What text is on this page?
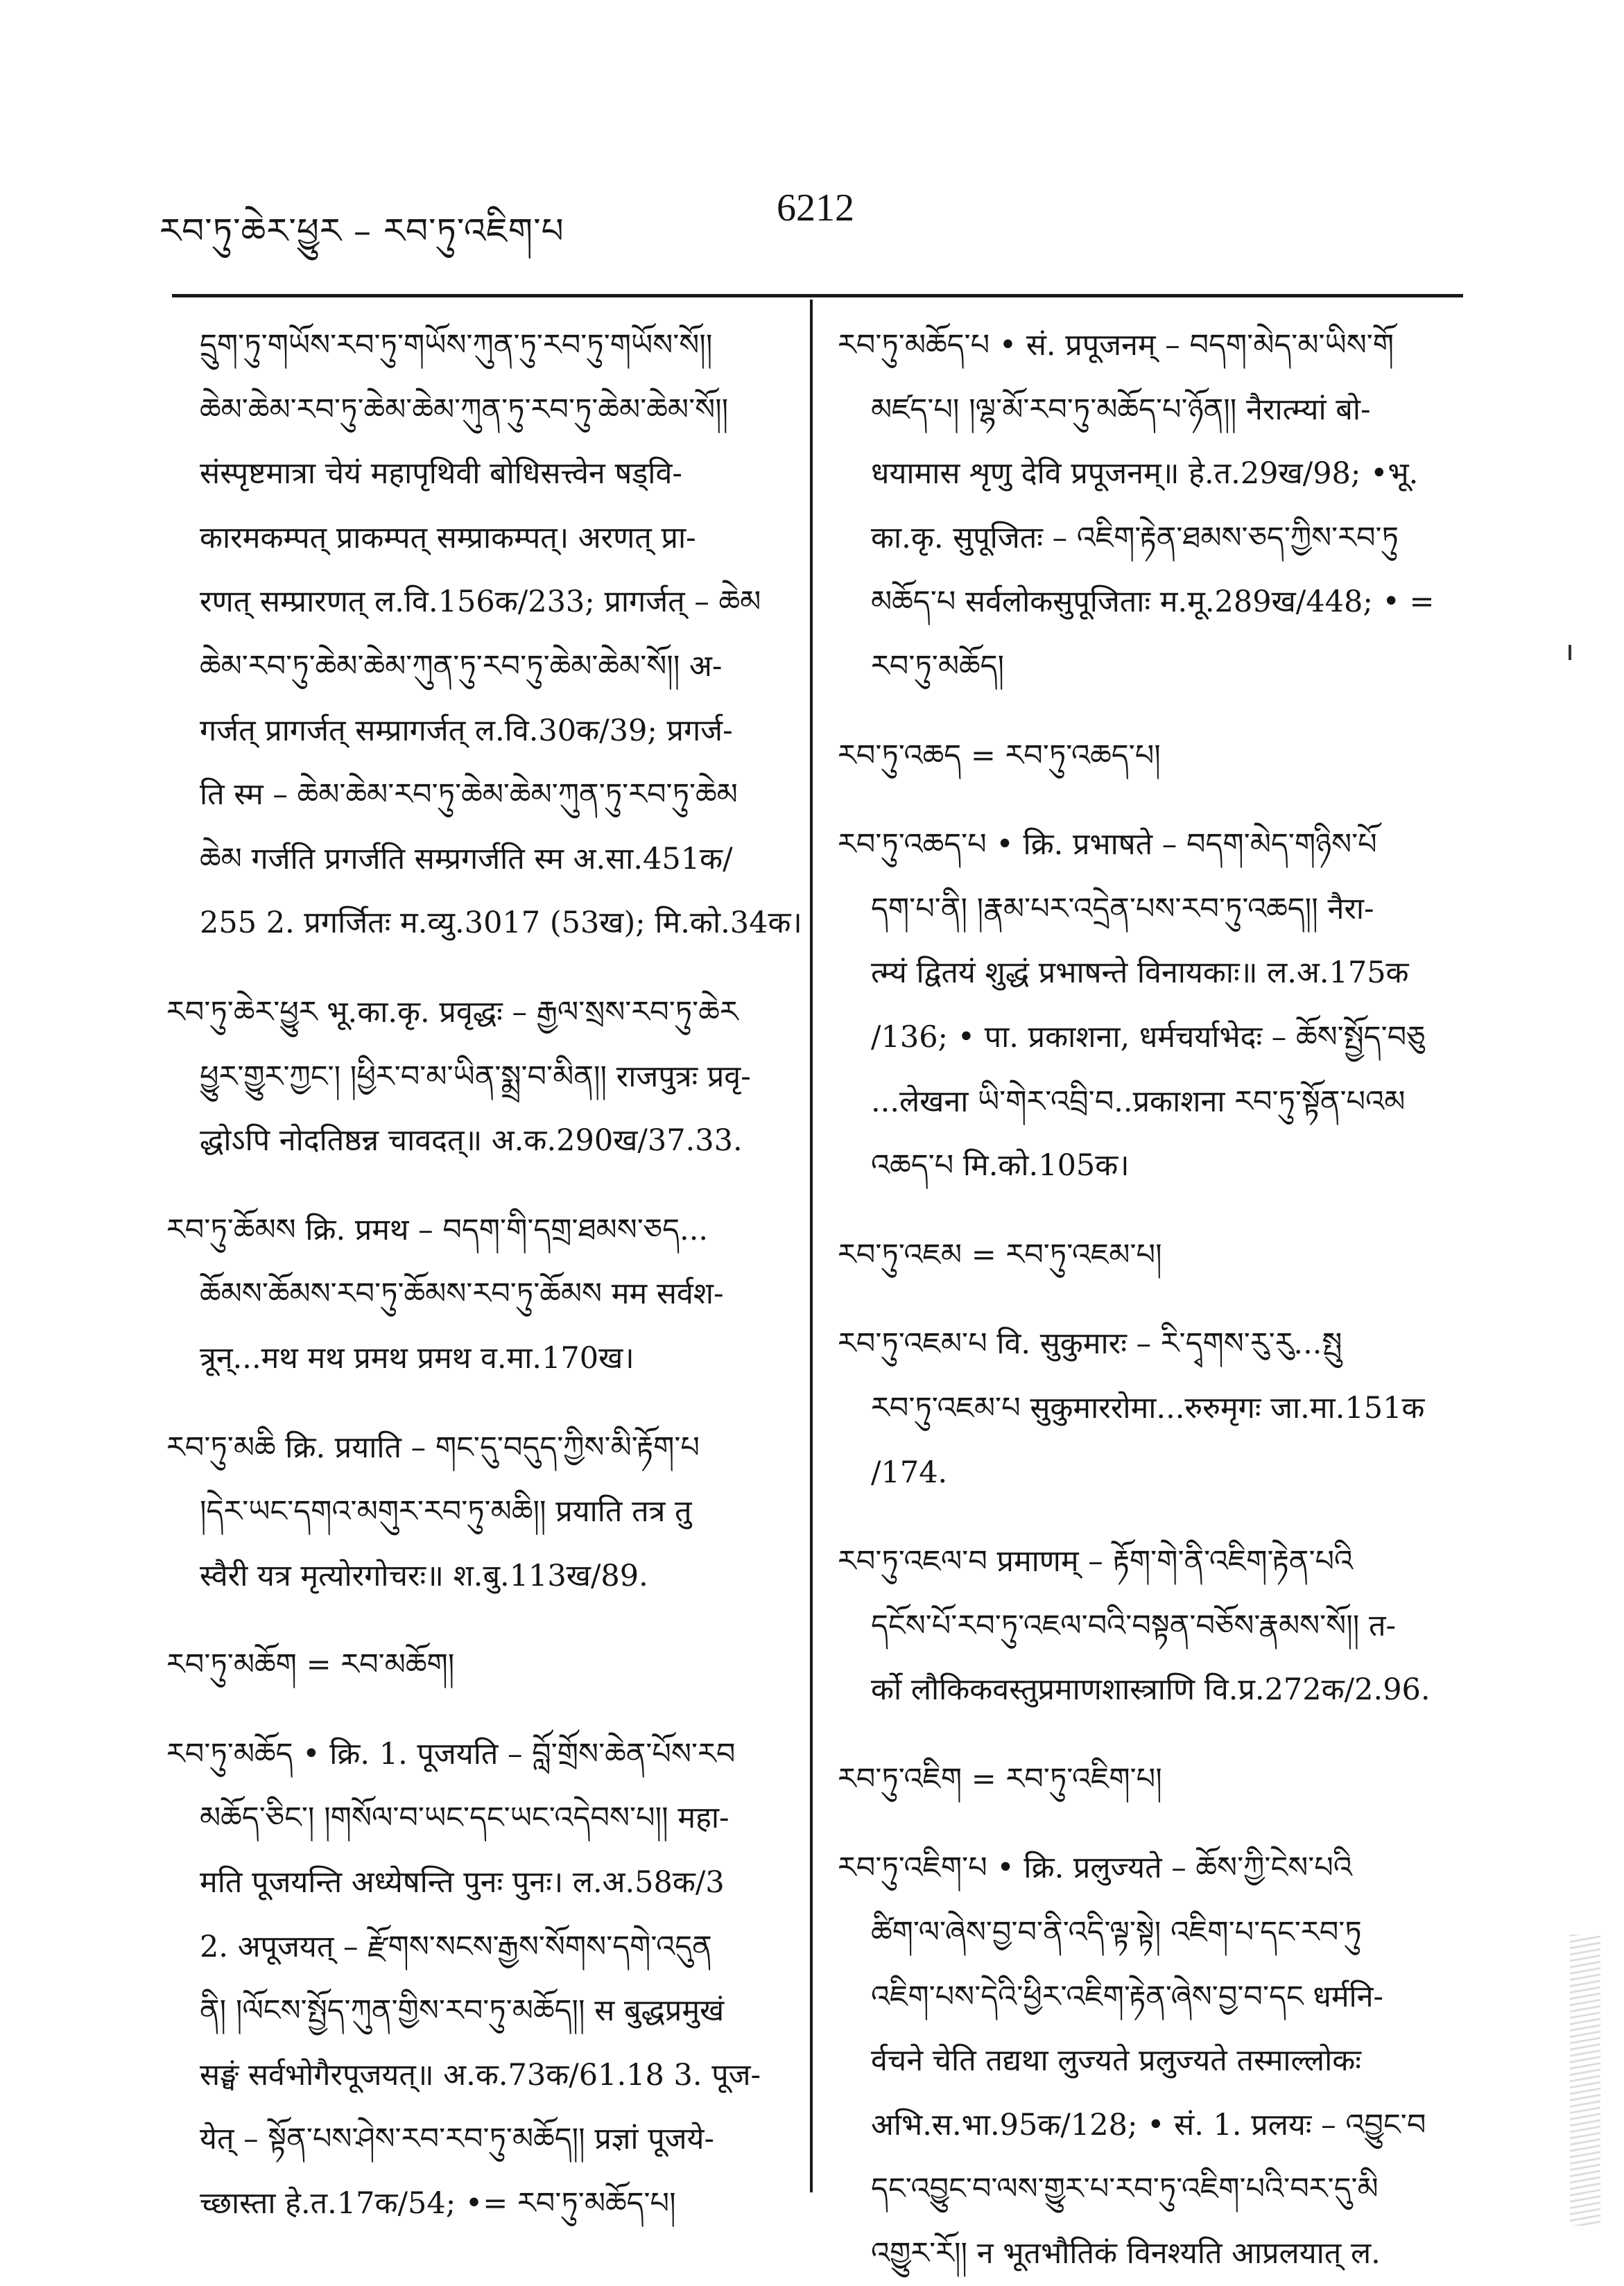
རབ་ཏུ་ཆེར་ཕྱུར – རབ་ཏུ་འཇིག་པ
6212
དྲུག་ཏུ་གཡོས་རབ་ཏུ་གཡོས་ཀུན་ཏུ་རབ་ཏུ་གཡོས་སོ།།
ཆེམ་ཆེམ་རབ་ཏུ་ཆེམ་ཆེམ་ཀུན་ཏུ་རབ་ཏུ་ཆེམ་ཆེམ་སོ།།
संस्पृष्टमात्रा चेयं महापृथिवी बोधिसत्त्वेन षड्वि-
कारमकम्पत् प्राकम्पत् सम्प्राकम्पत्। अरणत् प्रा-
रणत् सम्प्रारणत् ल.वि.156क/233; प्रागर्जत् – ཆེམ
ཆེམ་རབ་ཏུ་ཆེམ་ཆེམ་ཀུན་ཏུ་རབ་ཏུ་ཆེམ་ཆེམ་སོ།། अ-
गर्जत् प्रागर्जत् सम्प्रागर्जत् ल.वि.30क/39; प्रगर्ज-
ति स्म – ཆེམ་ཆེམ་རབ་ཏུ་ཆེམ་ཆེམ་ཀུན་ཏུ་རབ་ཏུ་ཆེམ
ཆེམ गर्जति प्रगर्जति सम्प्रगर्जति स्म अ.सा.451क/
255 2. प्रगर्जितः म.व्यु.3017 (53ख); मि.को.34क।
རབ་ཏུ་ཆེར་ཕྱུར भू.का.कृ. प्रवृद्धः – རྒྱལ་སྲས་རབ་ཏུ་ཆེར
ཕྱུར་གྱུར་ཀྱང་། །ཕྱིར་བ་མ་ཡིན་སྨྲ་བ་མིན།། राजपुत्रः प्रवृ-
द्धोऽपि नोदतिष्ठन्न चावदत्॥ अ.क.290ख/37.33.
རབ་ཏུ་ཆོམས क्रि. प्रमथ – བདག་གི་དགྲ་ཐམས་ཅད...
ཆོམས་ཆོམས་རབ་ཏུ་ཆོམས་རབ་ཏུ་ཆོམས मम सर्वश-
त्रून्...मथ मथ प्रमथ प्रमथ व.मा.170ख।
རབ་ཏུ་མཆི क्रि. प्रयाति – གང་དུ་བདུད་ཀྱིས་མི་རྟོག་པ
།དེར་ཡང་དགའ་མགུར་རབ་ཏུ་མཆི།། प्रयाति तत्र तु
स्वैरी यत्र मृत्योरगोचरः॥ श.बु.113ख/89.
རབ་ཏུ་མཆོག = རབ་མཆོག།
རབ་ཏུ་མཆོད • क्रि. 1. पूजयति – བློ་གྲོས་ཆེན་པོས་རབ
མཆོད་ཅིང་། །གསོལ་བ་ཡང་དང་ཡང་འདེབས་པ།། महा-
मति पूजयन्ति अध्येषन्ति पुनः पुनः। ल.अ.58क/3
2. अपूजयत् – རྫོགས་སངས་རྒྱས་སོགས་དགེ་འདུན
ནི། །ལོངས་སྤྱོད་ཀུན་གྱིས་རབ་ཏུ་མཆོད།། स बुद्धप्रमुखं
सङ्घं सर्वभोगैरपूजयत्॥ अ.क.73क/61.18 3. पूज-
येत् – སྟོན་པས་ཤེས་རབ་རབ་ཏུ་མཆོད།། प्रज्ञां पूजये-
च्छास्ता हे.त.17क/54; •= རབ་ཏུ་མཆོད་པ།
རབ་ཏུ་མཆོད་པ • सं. प्रपूजनम् – བདག་མེད་མ་ཡིས་གོ
མཛད་པ། །ལྷ་མོ་རབ་ཏུ་མཆོད་པ་ཉོན།། नैरात्म्यां बो-
धयामास शृणु देवि प्रपूजनम्॥ हे.त.29ख/98; •भू.
का.कृ. सुपूजितः – འཇིག་རྟེན་ཐམས་ཅད་ཀྱིས་རབ་ཏུ
མཆོད་པ सर्वलोकसुपूजिताः म.मू.289ख/448; • =
རབ་ཏུ་མཆོད།
རབ་ཏུ་འཆད = རབ་ཏུ་འཆད་པ།
རབ་ཏུ་འཆད་པ • क्रि. प्रभाषते – བདག་མེད་གཉིས་པོ
དག་པ་ནི། །རྣམ་པར་འདྲེན་པས་རབ་ཏུ་འཆད།། नैरा-
त्म्यं द्वितयं शुद्धं प्रभाषन्ते विनायकाः॥ ल.अ.175क
/136; • पा. प्रकाशना, धर्मचर्याभेदः – ཆོས་སྤྱོད་བཅུ
...लेखना ཡི་གེར་འབྲི་བ..प्रकाशना རབ་ཏུ་སྟོན་པའམ
འཆད་པ मि.को.105क।
རབ་ཏུ་འཇམ = རབ་ཏུ་འཇམ་པ།
རབ་ཏུ་འཇམ་པ वि. सुकुमारः – རི་དྭགས་རུ་རུ...སྤུ
རབ་ཏུ་འཇམ་པ सुकुमाररोमा...रुरुमृगः जा.मा.151क
/174.
རབ་ཏུ་འཇལ་བ प्रमाणम् – རྟོག་གེ་ནི་འཇིག་རྟེན་པའི
དངོས་པོ་རབ་ཏུ་འཇལ་བའི་བསྟན་བཅོས་རྣམས་སོ།། त-
र्को लौकिकवस्तुप्रमाणशास्त्राणि वि.प्र.272क/2.96.
རབ་ཏུ་འཇིག = རབ་ཏུ་འཇིག་པ།
རབ་ཏུ་འཇིག་པ • क्रि. प्रलुज्यते – ཆོས་ཀྱི་ངེས་པའི
ཚིག་ལ་ཞེས་བྱ་བ་ནི་འདི་ལྟ་སྟེ། འཇིག་པ་དང་རབ་ཏུ
འཇིག་པས་དེའི་ཕྱིར་འཇིག་རྟེན་ཞེས་བྱ་བ་དང धर्मनि-
र्वचने चेति तद्यथा लुज्यते प्रलुज्यते तस्माल्लोकः
अभि.स.भा.95क/128; • सं. 1. प्रलयः – འབྱུང་བ
དང་འབྱུང་བ་ལས་གྱུར་པ་རབ་ཏུ་འཇིག་པའི་བར་དུ་མི
འགྱུར་རོ།། न भूतभौतिकं विनश्यति आप्रलयात् ल.
